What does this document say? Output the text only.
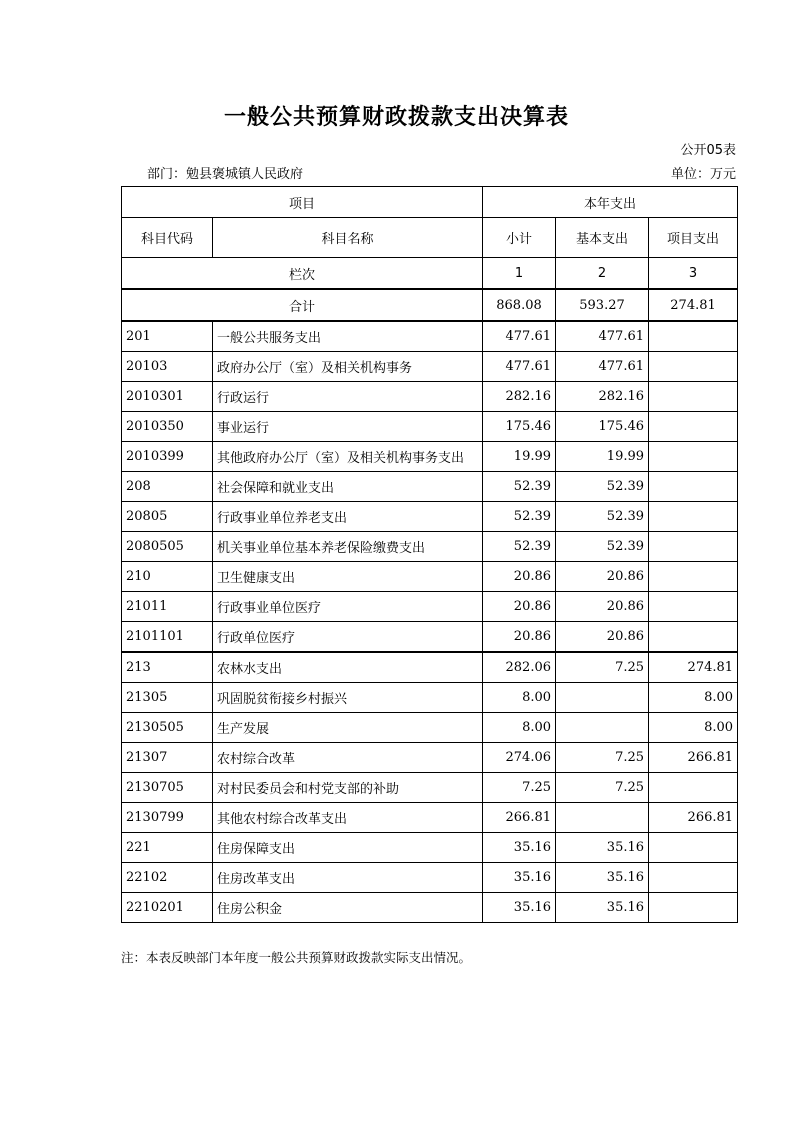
一般公共预算财政拨款支出决算表
公开05表
部门：勉县褒城镇人民政府	单位：万元
项目		本年支出		
科目代码	科目名称	小计	基本支出	项目支出
栏次		1	2	3
合计		868.08	593.27	274.81
201	一般公共服务支出	477.61	477.61	
20103	政府办公厅（室）及相关机构事务	477.61	477.61	
2010301	行政运行	282.16	282.16	
2010350	事业运行	175.46	175.46	
2010399	其他政府办公厅（室）及相关机构事务支出	19.99	19.99	
208	社会保障和就业支出	52.39	52.39	
20805	行政事业单位养老支出	52.39	52.39	
2080505	机关事业单位基本养老保险缴费支出	52.39	52.39	
210	卫生健康支出	20.86	20.86	
21011	行政事业单位医疗	20.86	20.86	
2101101	行政单位医疗	20.86	20.86	
213	农林水支出	282.06	7.25	274.81
21305	巩固脱贫衔接乡村振兴	8.00		8.00
2130505	生产发展	8.00		8.00
21307	农村综合改革	274.06	7.25	266.81
2130705	对村民委员会和村党支部的补助	7.25	7.25	
2130799	其他农村综合改革支出	266.81		266.81
221	住房保障支出	35.16	35.16	
22102	住房改革支出	35.16	35.16	
2210201	住房公积金	35.16	35.16	
注：本表反映部门本年度一般公共预算财政拨款实际支出情况。
